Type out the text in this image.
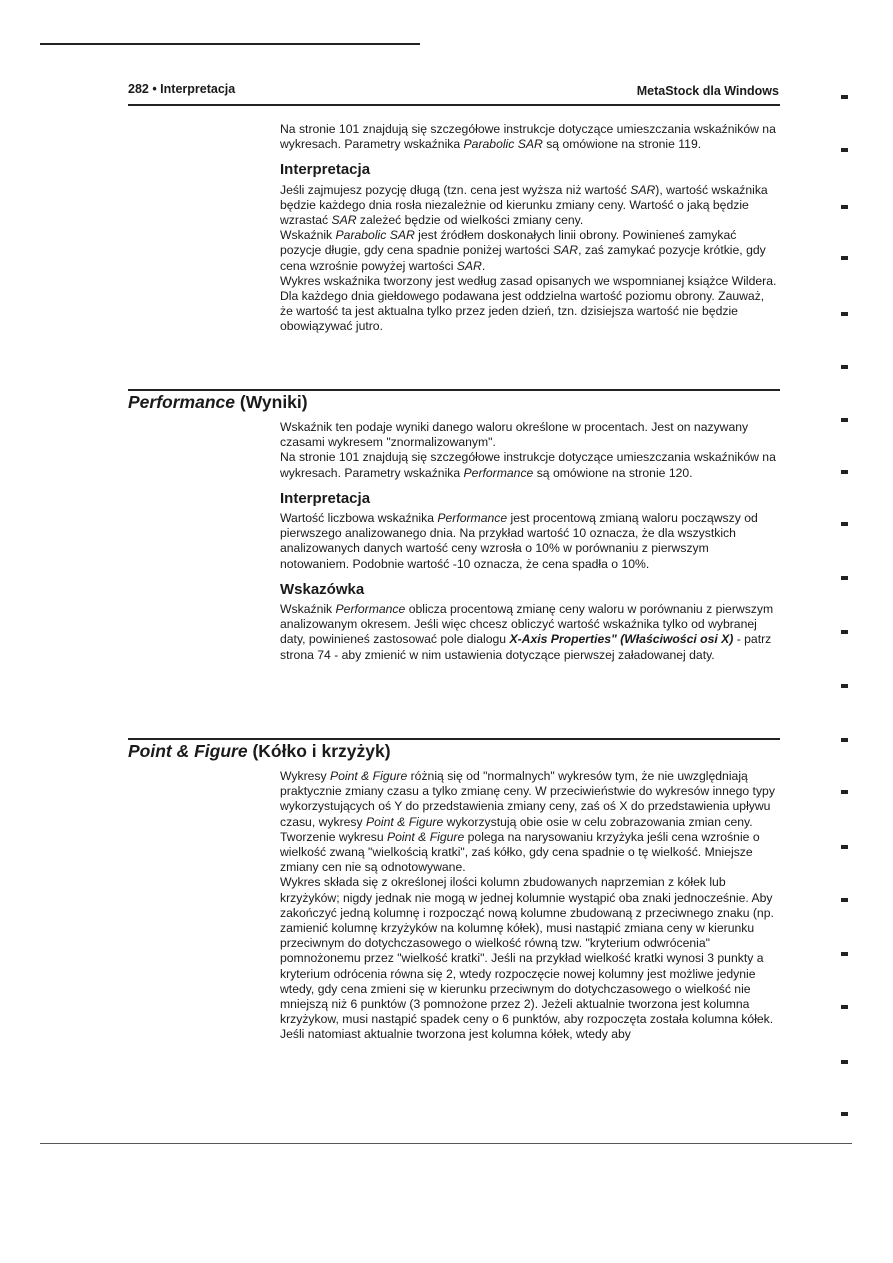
282 • Interpretacja	MetaStock dla Windows

Na stronie 101 znajdują się szczegółowe instrukcje dotyczące umieszczania wskaźników na wykresach. Parametry wskaźnika Parabolic SAR są omówione na stronie 119.

Interpretacja

Jeśli zajmujesz pozycję długą (tzn. cena jest wyższa niż wartość SAR), wartość wskaźnika będzie każdego dnia rosła niezależnie od kierunku zmiany ceny. Wartość o jaką będzie wzrastać SAR zależeć będzie od wielkości zmiany ceny.

Wskaźnik Parabolic SAR jest źródłem doskonałych linii obrony. Powinieneś zamykać pozycje długie, gdy cena spadnie poniżej wartości SAR, zaś zamykać pozycje krótkie, gdy cena wzrośnie powyżej wartości SAR.

Wykres wskaźnika tworzony jest według zasad opisanych we wspomnianej książce Wildera. Dla każdego dnia giełdowego podawana jest oddzielna wartość poziomu obrony. Zauważ, że wartość ta jest aktualna tylko przez jeden dzień, tzn. dzisiejsza wartość nie będzie obowiązywać jutro.

Performance (Wyniki)

Wskaźnik ten podaje wyniki danego waloru określone w procentach. Jest on nazywany czasami wykresem "znormalizowanym".

Na stronie 101 znajdują się szczegółowe instrukcje dotyczące umieszczania wskaźników na wykresach. Parametry wskaźnika Performance są omówione na stronie 120.

Interpretacja

Wartość liczbowa wskaźnika Performance jest procentową zmianą waloru począwszy od pierwszego analizowanego dnia. Na przykład wartość 10 oznacza, że dla wszystkich analizowanych danych wartość ceny wzrosła o 10% w porównaniu z pierwszym notowaniem. Podobnie wartość -10 oznacza, że cena spadła o 10%.

Wskazówka

Wskaźnik Performance oblicza procentową zmianę ceny waloru w porównaniu z pierwszym analizowanym okresem. Jeśli więc chcesz obliczyć wartość wskaźnika tylko od wybranej daty, powinieneś zastosować pole dialogu X-Axis Properties" (Właściwości osi X) - patrz strona 74 - aby zmienić w nim ustawienia dotyczące pierwszej załadowanej daty.

Point & Figure (Kółko i krzyżyk)

Wykresy Point & Figure różnią się od "normalnych" wykresów tym, że nie uwzględniają praktycznie zmiany czasu a tylko zmianę ceny. W przeciwieństwie do wykresów innego typy wykorzystujących oś Y do przedstawienia zmiany ceny, zaś oś X do przedstawienia upływu czasu, wykresy Point & Figure wykorzystują obie osie w celu zobrazowania zmian ceny.

Tworzenie wykresu Point & Figure polega na narysowaniu krzyżyka jeśli cena wzrośnie o wielkość zwaną "wielkością kratki", zaś kółko, gdy cena spadnie o tę wielkość. Mniejsze zmiany cen nie są odnotowywane.

Wykres składa się z określonej ilości kolumn zbudowanych naprzemian z kółek lub krzyżyków; nigdy jednak nie mogą w jednej kolumnie wystąpić oba znaki jednocześnie. Aby zakończyć jedną kolumnę i rozpocząć nową kolumne zbudowaną z przeciwnego znaku (np. zamienić kolumnę krzyżyków na kolumnę kółek), musi nastąpić zmiana ceny w kierunku przeciwnym do dotychczasowego o wielkość równą tzw. "kryterium odwrócenia" pomnożonemu przez "wielkość kratki". Jeśli na przykład wielkość kratki wynosi 3 punkty a kryterium odrócenia równa się 2, wtedy rozpoczęcie nowej kolumny jest możliwe jedynie wtedy, gdy cena zmieni się w kierunku przeciwnym do dotychczasowego o wielkość nie mniejszą niż 6 punktów (3 pomnożone przez 2). Jeżeli aktualnie tworzona jest kolumna krzyżykow, musi nastąpić spadek ceny o 6 punktów, aby rozpoczęta została kolumna kółek. Jeśli natomiast aktualnie tworzona jest kolumna kółek, wtedy aby
